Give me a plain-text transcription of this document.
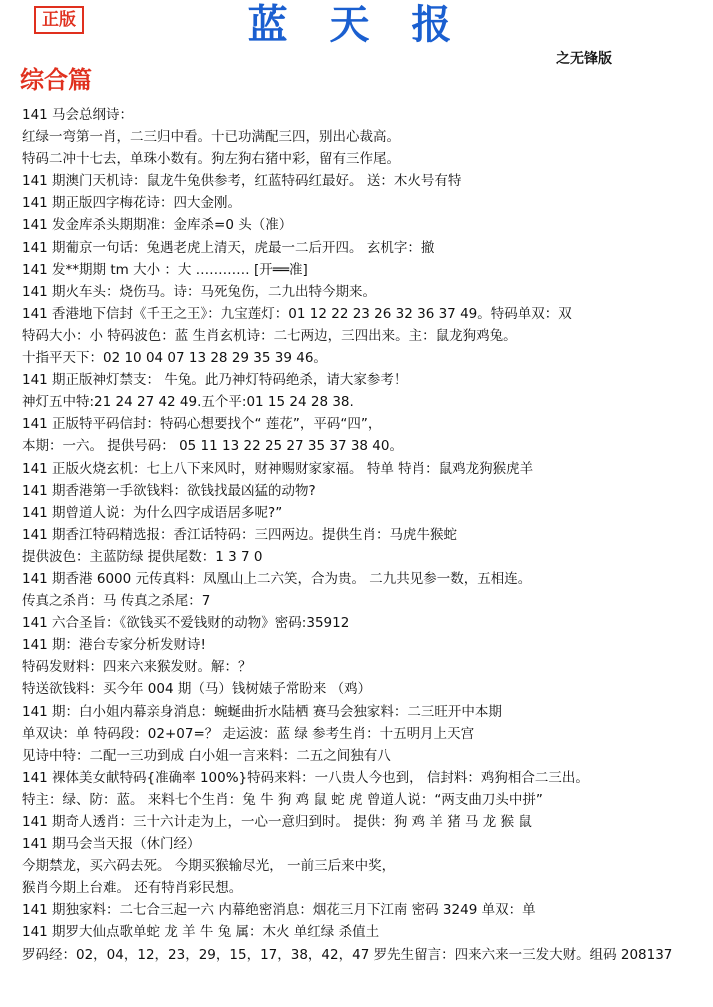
正版	蓝 天 报
之无锋版
综合篇
141 马会总纲诗：
红绿一弯第一肖，二三归中看。十已功满配三四，别出心裁高。
特码二冲十七去，单珠小数有。狗左狗右猪中彩，留有三作尾。
141 期澳门天机诗：鼠龙牛兔供参考，红蓝特码红最好。 送：木火号有特
141 期正版四字梅花诗：四大金刚。
141 发金库杀头期期准：金库杀=0 头（准）
141 期葡京一句话：兔遇老虎上清天，虎最一二后开四。 玄机字：撤
141 发**期期 tm 大小 ：大 ………… [开══准]
141 期火车头：烧伤马。诗：马死兔伤，二九出特今期来。
141 香港地下信封《千王之王》：九宝莲灯：01 12 22 23 26 32 36 37 49。特码单双：双
特码大小：小 特码波色：蓝 生肖玄机诗：二七两边，三四出来。主：鼠龙狗鸡兔。
十指平天下：02 10 04 07 13 28 29 35 39 46。
141 期正版神灯禁支： 牛兔。此乃神灯特码绝杀，请大家参考！
神灯五中特:21 24 27 42 49.五个平:01 15 24 28 38.
141 正版特平码信封：特码心想要找个“ 莲花”，平码“四”，
本期：一六。 提供号码： 05 11 13 22 25 27 35 37 38 40。
141 正版火烧玄机：七上八下来风时，财神赐财家家福。 特单 特肖：鼠鸡龙狗猴虎羊
141 期香港第一手欲钱料：欲钱找最凶猛的动物?
141 期曾道人说：为什么四字成语居多呢?”
141 期香江特码精选报：香江话特码：三四两边。提供生肖：马虎牛猴蛇
提供波色：主蓝防绿 提供尾数：1 3 7 0
141 期香港 6000 元传真料：凤凰山上二六笑，合为贵。 二九共见参一数，五相连。
传真之杀肖：马 传真之杀尾：7
141 六合圣旨：《欲钱买不爱钱财的动物》密码:35912
141 期：港台专家分析发财诗!
特码发财料：四来六来猴发财。解：？
特送欲钱料：买今年 004 期（马）钱树婊子常盼来 （鸡）
141 期：白小姐内幕亲身消息：蜿蜒曲折水陆栖 赛马会独家料：二三旺开中本期
单双诀：单 特码段：02+07=？ 走运波：蓝 绿 参考生肖：十五明月上天宫
见诗中特：二配一三功到成 白小姐一言来料：二五之间独有八
141 裸体美女献特码{准确率 100%}特码来料：一八贵人今也到， 信封料：鸡狗相合二三出。
特主：绿、防：蓝。 来料七个生肖：兔 牛 狗 鸡 鼠 蛇 虎 曾道人说：“两支曲刀头中拼”
141 期奇人透肖：三十六计走为上，一心一意归到时。 提供：狗 鸡 羊 猪 马 龙 猴 鼠
141 期马会当天报（休门经）
今期禁龙，买六码去死。 今期买猴输尽光， 一前三后来中奖，
猴肖今期上台难。 还有特肖彩民想。
141 期独家料：二七合三起一六 内幕绝密消息：烟花三月下江南 密码 3249 单双：单
141 期罗大仙点歌单蛇 龙 羊 牛 兔 属：木火 单红绿 杀值土
罗码经：02，04，12，23，29，15，17，38，42，47 罗先生留言：四来六来一三发大财。组码 208137
